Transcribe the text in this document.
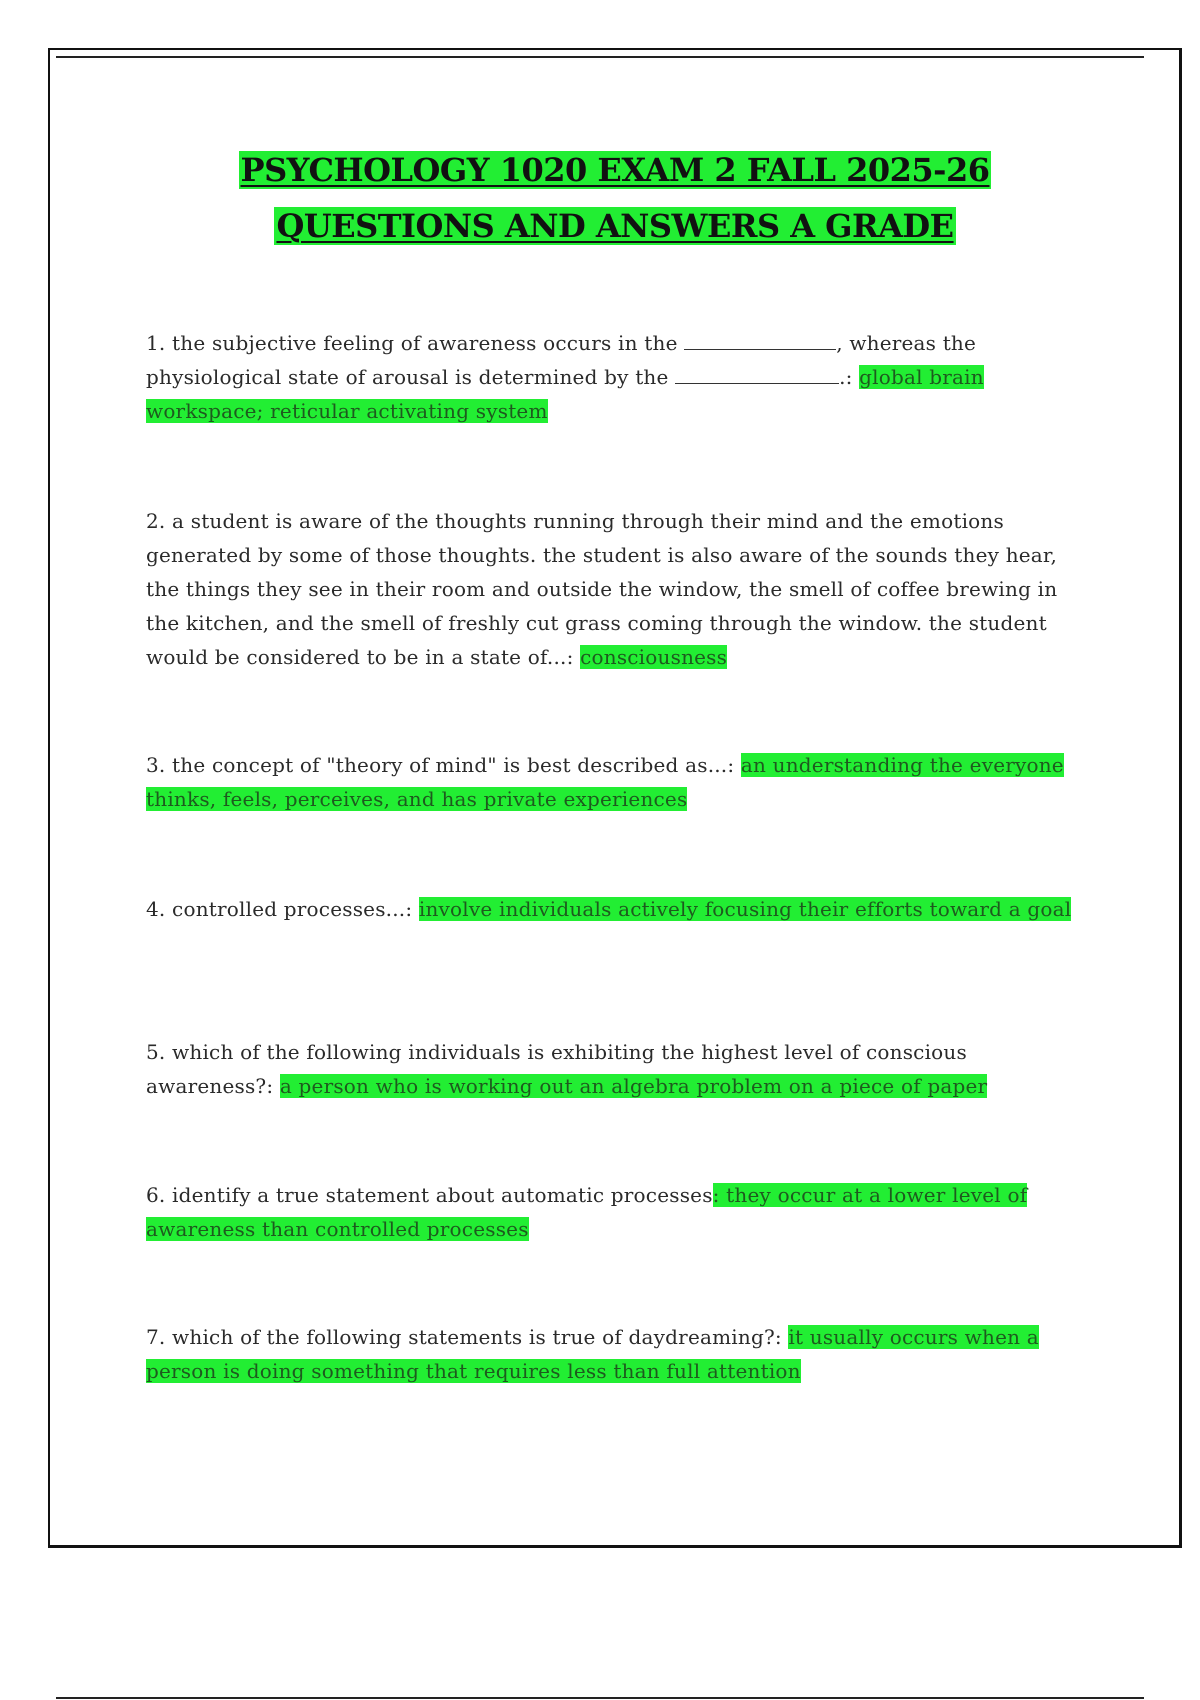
PSYCHOLOGY 1020 EXAM 2 FALL 2025-26
QUESTIONS AND ANSWERS A GRADE

1. the subjective feeling of awareness occurs in the	, whereas the physiological state of arousal is determined by the	.: global brain workspace; reticular activating system

2. a student is aware of the thoughts running through their mind and the emotions generated by some of those thoughts. the student is also aware of the sounds they hear, the things they see in their room and outside the window, the smell of coffee brewing in the kitchen, and the smell of freshly cut grass coming through the window. the student would be considered to be in a state of...: consciousness

3. the concept of "theory of mind" is best described as...: an understanding the everyone thinks, feels, perceives, and has private experiences

4. controlled processes...: involve individuals actively focusing their efforts toward a goal

5. which of the following individuals is exhibiting the highest level of conscious awareness?: a person who is working out an algebra problem on a piece of paper

6. identify a true statement about automatic processes: they occur at a lower level of awareness than controlled processes

7. which of the following statements is true of daydreaming?: it usually occurs when a person is doing something that requires less than full attention
